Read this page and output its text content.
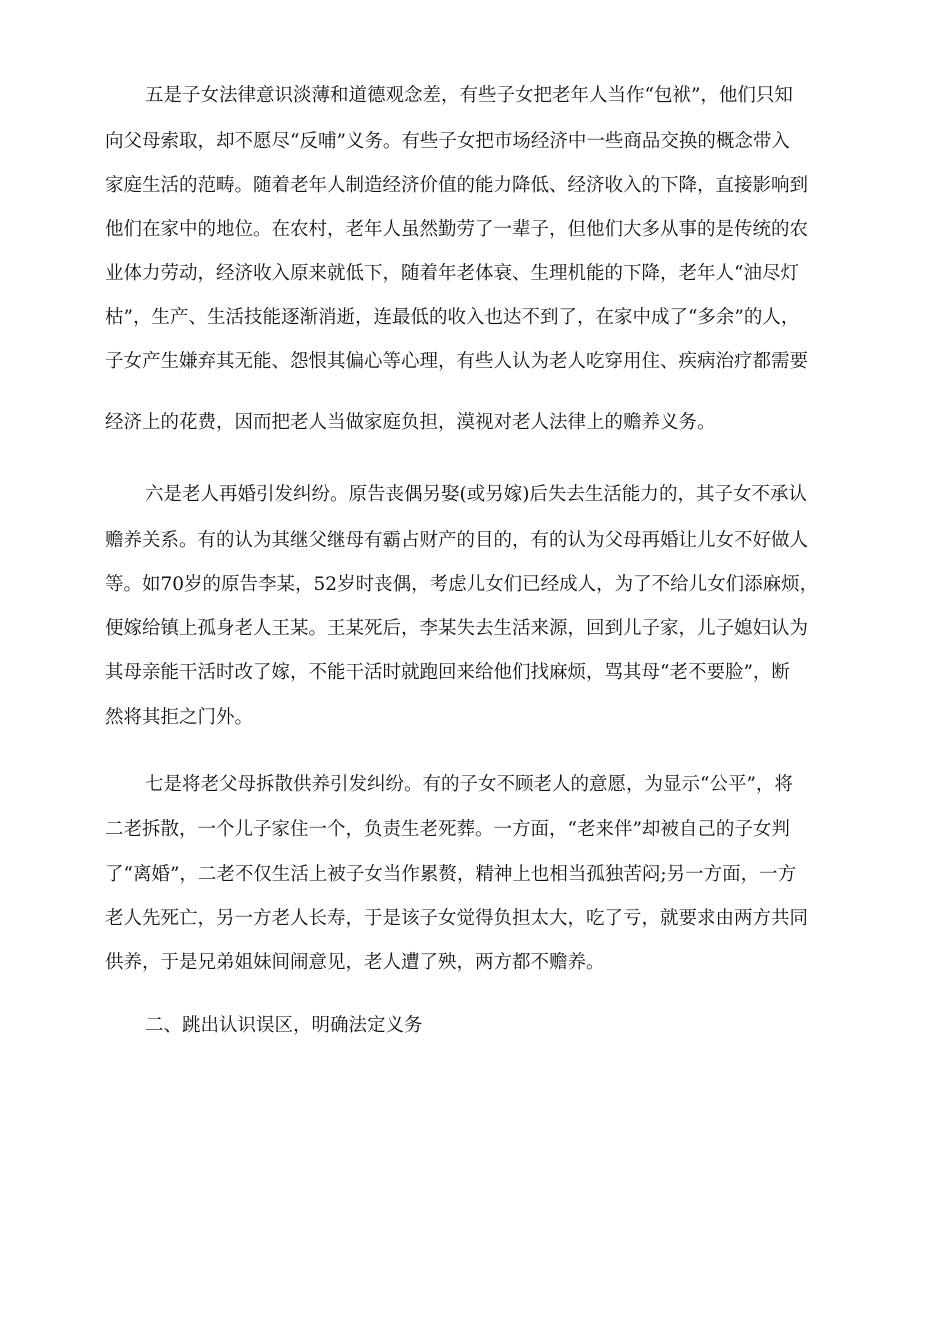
五是子女法律意识淡薄和道德观念差，有些子女把老年人当作“包袱”，他们只知
向父母索取，却不愿尽“反哺”义务。有些子女把市场经济中一些商品交换的概念带入
家庭生活的范畴。随着老年人制造经济价值的能力降低、经济收入的下降，直接影响到
他们在家中的地位。在农村，老年人虽然勤劳了一辈子，但他们大多从事的是传统的农
业体力劳动，经济收入原来就低下，随着年老体衰、生理机能的下降，老年人“油尽灯
枯”，生产、生活技能逐渐消逝，连最低的收入也达不到了，在家中成了“多余”的人，
子女产生嫌弃其无能、怨恨其偏心等心理，有些人认为老人吃穿用住、疾病治疗都需要
经济上的花费，因而把老人当做家庭负担，漠视对老人法律上的赡养义务。
六是老人再婚引发纠纷。原告丧偶另娶(或另嫁)后失去生活能力的，其子女不承认
赡养关系。有的认为其继父继母有霸占财产的目的，有的认为父母再婚让儿女不好做人
等。如70岁的原告李某，52岁时丧偶，考虑儿女们已经成人，为了不给儿女们添麻烦，
便嫁给镇上孤身老人王某。王某死后，李某失去生活来源，回到儿子家，儿子媳妇认为
其母亲能干活时改了嫁，不能干活时就跑回来给他们找麻烦，骂其母“老不要脸”，断
然将其拒之门外。
七是将老父母拆散供养引发纠纷。有的子女不顾老人的意愿，为显示“公平”，将
二老拆散，一个儿子家住一个，负责生老死葬。一方面，“老来伴”却被自己的子女判
了“离婚”，二老不仅生活上被子女当作累赘，精神上也相当孤独苦闷;另一方面，一方
老人先死亡，另一方老人长寿，于是该子女觉得负担太大，吃了亏，就要求由两方共同
供养，于是兄弟姐妹间闹意见，老人遭了殃，两方都不赡养。
二、跳出认识误区，明确法定义务
